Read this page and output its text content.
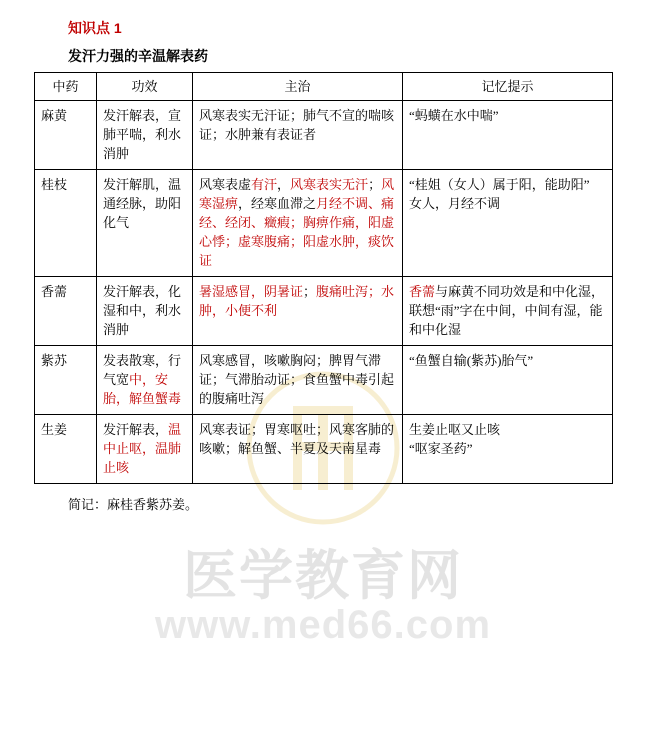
医学教育网
www.med66.com
知识点 1
发汗力强的辛温解表药
中药	功效	主治	记忆提示
麻黄	发汗解表，宣肺平喘，利水消肿	风寒表实无汗证；肺气不宣的喘咳证；水肿兼有表证者	“蚂蟥在水中喘”
桂枝	发汗解肌，温通经脉，助阳化气	风寒表虚有汗，风寒表实无汗；风寒湿痹，经寒血滞之月经不调、痛经、经闭、癥瘕；胸痹作痛，阳虚心悸；虚寒腹痛；阳虚水肿，痰饮证	“桂姐（女人）属于阳，能助阳”
女人，月经不调
香薷	发汗解表，化湿和中，利水消肿	暑湿感冒，阴暑证；腹痛吐泻；水肿，小便不利	香薷与麻黄不同功效是和中化湿，联想“雨”字在中间，中间有湿，能和中化湿
紫苏	发表散寒，行气宽中，安胎，解鱼蟹毒	风寒感冒，咳嗽胸闷；脾胃气滞证；气滞胎动证；食鱼蟹中毒引起的腹痛吐泻	“鱼蟹自输(紫苏)胎气”
生姜	发汗解表，温中止呕，温肺止咳	风寒表证；胃寒呕吐；风寒客肺的咳嗽；解鱼蟹、半夏及天南星毒	生姜止呕又止咳
“呕家圣药”
简记：麻桂香紫苏姜。
